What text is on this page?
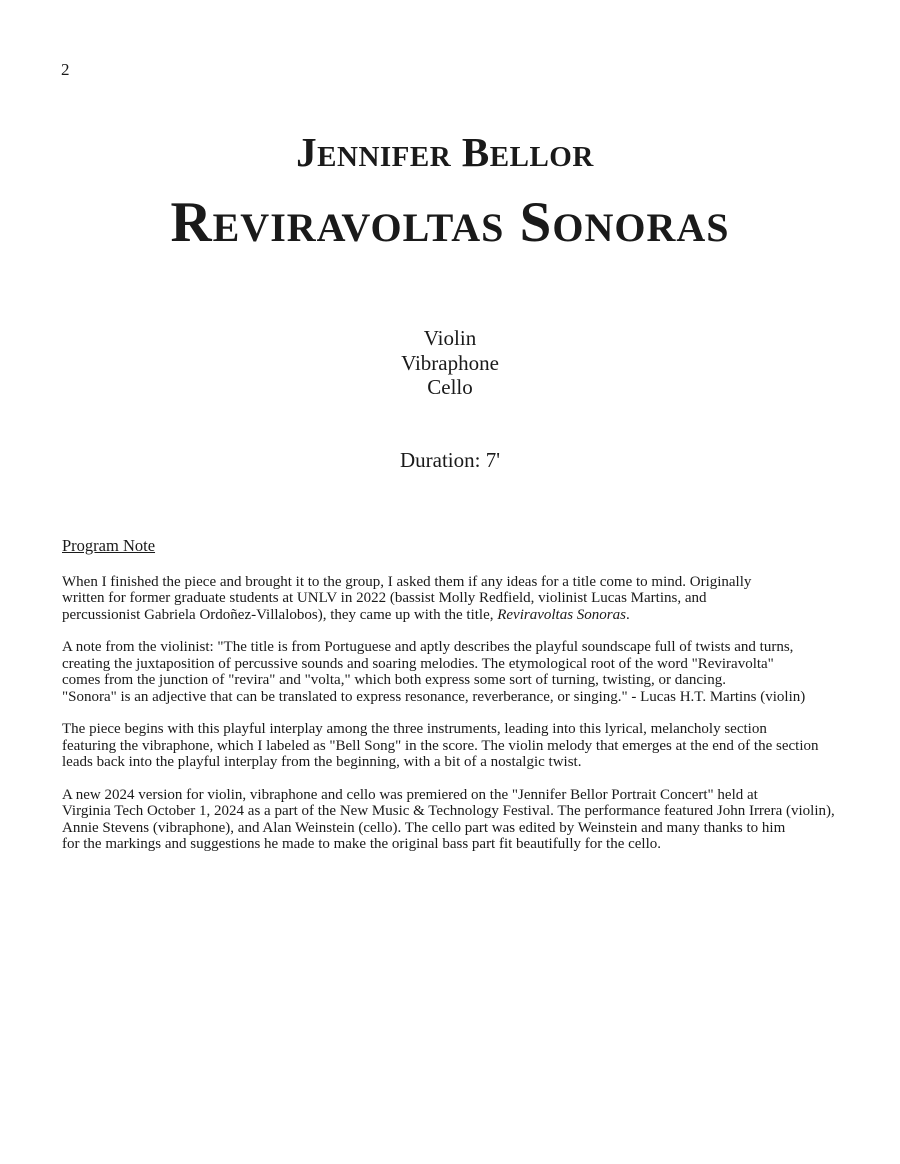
2
Jennifer Bellor
Reviravoltas Sonoras
Violin
Vibraphone
Cello
Duration: 7'
Program Note
When I finished the piece and brought it to the group, I asked them if any ideas for a title come to mind. Originally
written for former graduate students at UNLV in 2022 (bassist Molly Redfield, violinist Lucas Martins, and
percussionist Gabriela Ordoñez-Villalobos), they came up with the title, Reviravoltas Sonoras.
A note from the violinist: "The title is from Portuguese and aptly describes the playful soundscape full of twists and turns,
creating the juxtaposition of percussive sounds and soaring melodies. The etymological root of the word "Reviravolta"
comes from the junction of "revira" and "volta," which both express some sort of turning, twisting, or dancing.
"Sonora" is an adjective that can be translated to express resonance, reverberance, or singing." - Lucas H.T. Martins (violin)
The piece begins with this playful interplay among the three instruments, leading into this lyrical, melancholy section
featuring the vibraphone, which I labeled as "Bell Song" in the score. The violin melody that emerges at the end of the section
leads back into the playful interplay from the beginning, with a bit of a nostalgic twist.
A new 2024 version for violin, vibraphone and cello was premiered on the "Jennifer Bellor Portrait Concert" held at
Virginia Tech October 1, 2024 as a part of the New Music & Technology Festival. The performance featured John Irrera (violin),
Annie Stevens (vibraphone), and Alan Weinstein (cello). The cello part was edited by Weinstein and many thanks to him
for the markings and suggestions he made to make the original bass part fit beautifully for the cello.
